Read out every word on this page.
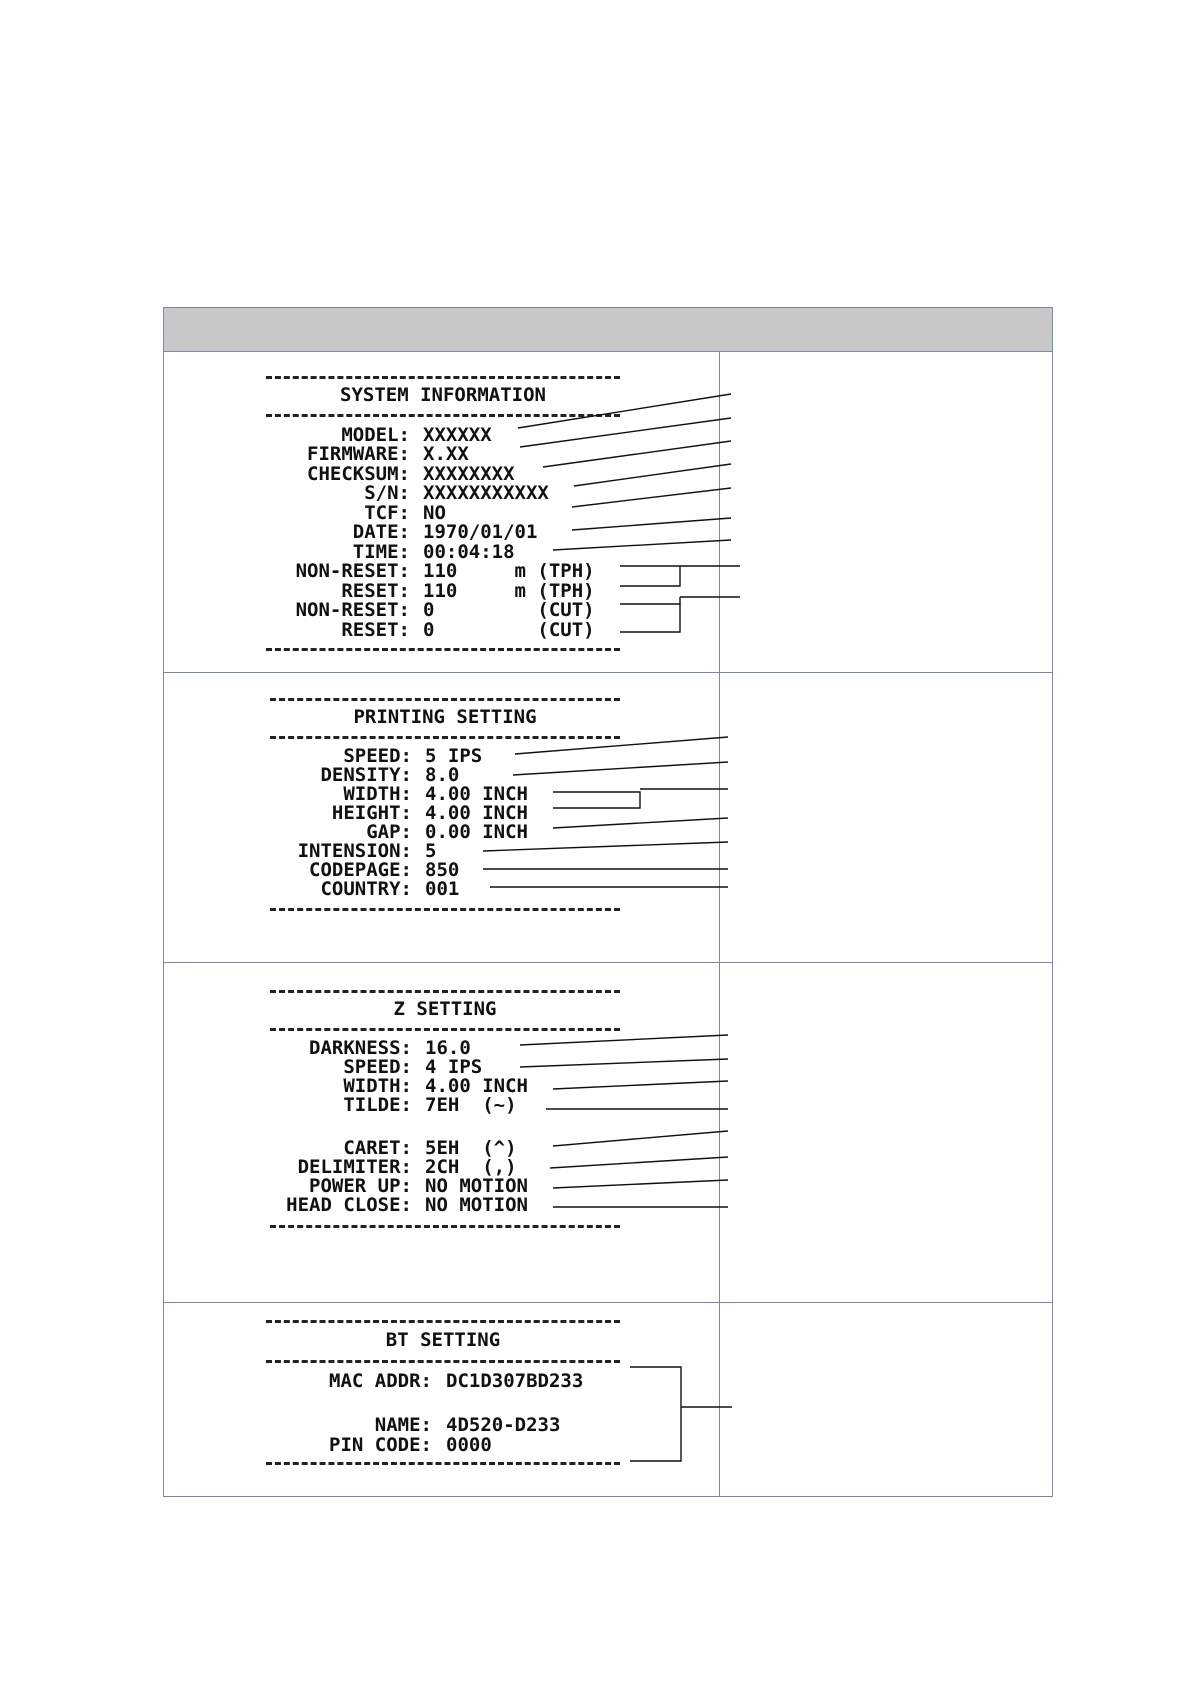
SYSTEM INFORMATION
MODEL: XXXXXX
FIRMWARE: X.XX
CHECKSUM: XXXXXXXX
S/N: XXXXXXXXXXX
TCF: NO
DATE: 1970/01/01
TIME: 00:04:18
NON-RESET: 110     m (TPH)
RESET: 110     m (TPH)
NON-RESET: 0         (CUT)
RESET: 0         (CUT)
PRINTING SETTING
SPEED: 5 IPS
DENSITY: 8.0
WIDTH: 4.00 INCH
HEIGHT: 4.00 INCH
GAP: 0.00 INCH
INTENSION: 5
CODEPAGE: 850
COUNTRY: 001
Z SETTING
DARKNESS: 16.0
SPEED: 4 IPS
WIDTH: 4.00 INCH
TILDE: 7EH  (~)
CARET: 5EH  (^)
DELIMITER: 2CH  (,)
POWER UP: NO MOTION
HEAD CLOSE: NO MOTION
BT SETTING
MAC ADDR: DC1D307BD233
NAME: 4D520-D233
PIN CODE: 0000
